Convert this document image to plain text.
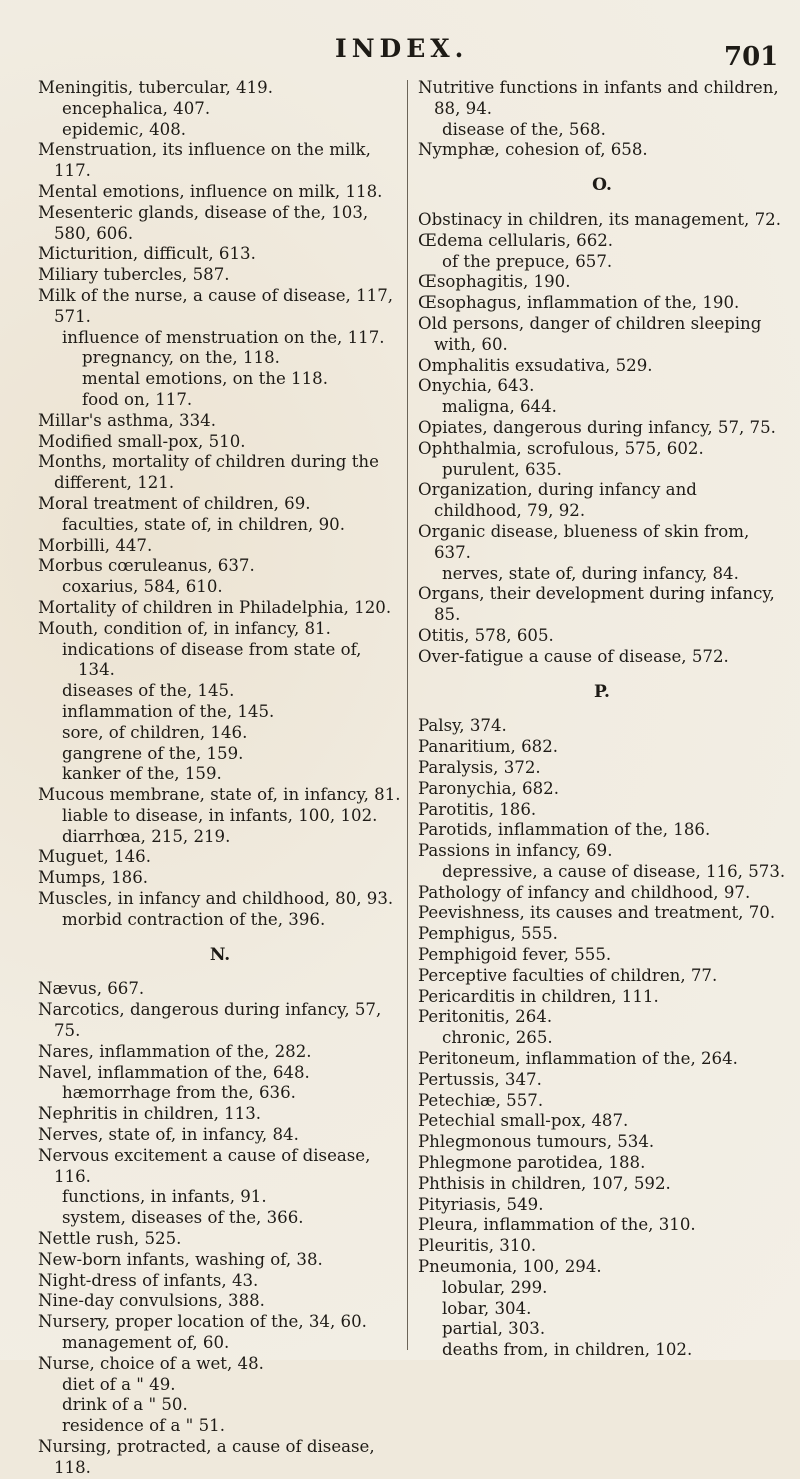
INDEX.	701

Meningitis, tubercular, 419.

encephalica, 407.

epidemic, 408.

Menstruation, its influence on the milk, 117.

Mental emotions, influence on milk, 118.

Mesenteric glands, disease of the, 103, 580, 606.

Micturition, difficult, 613.

Miliary tubercles, 587.

Milk of the nurse, a cause of disease, 117, 571.

influence of menstruation on the, 117.

pregnancy, on the, 118.

mental emotions, on the 118.

food on, 117.

Millar's asthma, 334.

Modified small-pox, 510.

Months, mortality of children during the different, 121.

Moral treatment of children, 69.

faculties, state of, in children, 90.

Morbilli, 447.

Morbus cœruleanus, 637.

coxarius, 584, 610.

Mortality of children in Philadelphia, 120.

Mouth, condition of, in infancy, 81.

indications of disease from state of, 134.

diseases of the, 145.

inflammation of the, 145.

sore, of children, 146.

gangrene of the, 159.

kanker of the, 159.

Mucous membrane, state of, in infancy, 81.

liable to disease, in infants, 100, 102.

diarrhœa, 215, 219.

Muguet, 146.

Mumps, 186.

Muscles, in infancy and childhood, 80, 93.

morbid contraction of the, 396.

N.

Nævus, 667.

Narcotics, dangerous during infancy, 57, 75.

Nares, inflammation of the, 282.

Navel, inflammation of the, 648.

hæmorrhage from the, 636.

Nephritis in children, 113.

Nerves, state of, in infancy, 84.

Nervous excitement a cause of disease, 116.

functions, in infants, 91.

system, diseases of the, 366.

Nettle rush, 525.

New-born infants, washing of, 38.

Night-dress of infants, 43.

Nine-day convulsions, 388.

Nursery, proper location of the, 34, 60.

management of, 60.

Nurse, choice of a wet, 48.

diet of a " 49.

drink of a " 50.

residence of a " 51.

Nursing, protracted, a cause of disease, 118.

Nutritive functions in infants and children, 88, 94.

disease of the, 568.

Nymphæ, cohesion of, 658.

O.

Obstinacy in children, its management, 72.

Œdema cellularis, 662.

of the prepuce, 657.

Œsophagitis, 190.

Œsophagus, inflammation of the, 190.

Old persons, danger of children sleeping with, 60.

Omphalitis exsudativa, 529.

Onychia, 643.

maligna, 644.

Opiates, dangerous during infancy, 57, 75.

Ophthalmia, scrofulous, 575, 602.

purulent, 635.

Organization, during infancy and childhood, 79, 92.

Organic disease, blueness of skin from, 637.

nerves, state of, during infancy, 84.

Organs, their development during infancy, 85.

Otitis, 578, 605.

Over-fatigue a cause of disease, 572.

P.

Palsy, 374.

Panaritium, 682.

Paralysis, 372.

Paronychia, 682.

Parotitis, 186.

Parotids, inflammation of the, 186.

Passions in infancy, 69.

depressive, a cause of disease, 116, 573.

Pathology of infancy and childhood, 97.

Peevishness, its causes and treatment, 70.

Pemphigus, 555.

Pemphigoid fever, 555.

Perceptive faculties of children, 77.

Pericarditis in children, 111.

Peritonitis, 264.

chronic, 265.

Peritoneum, inflammation of the, 264.

Pertussis, 347.

Petechiæ, 557.

Petechial small-pox, 487.

Phlegmonous tumours, 534.

Phlegmone parotidea, 188.

Phthisis in children, 107, 592.

Pityriasis, 549.

Pleura, inflammation of the, 310.

Pleuritis, 310.

Pneumonia, 100, 294.

lobular, 299.

lobar, 304.

partial, 303.

deaths from, in children, 102.
